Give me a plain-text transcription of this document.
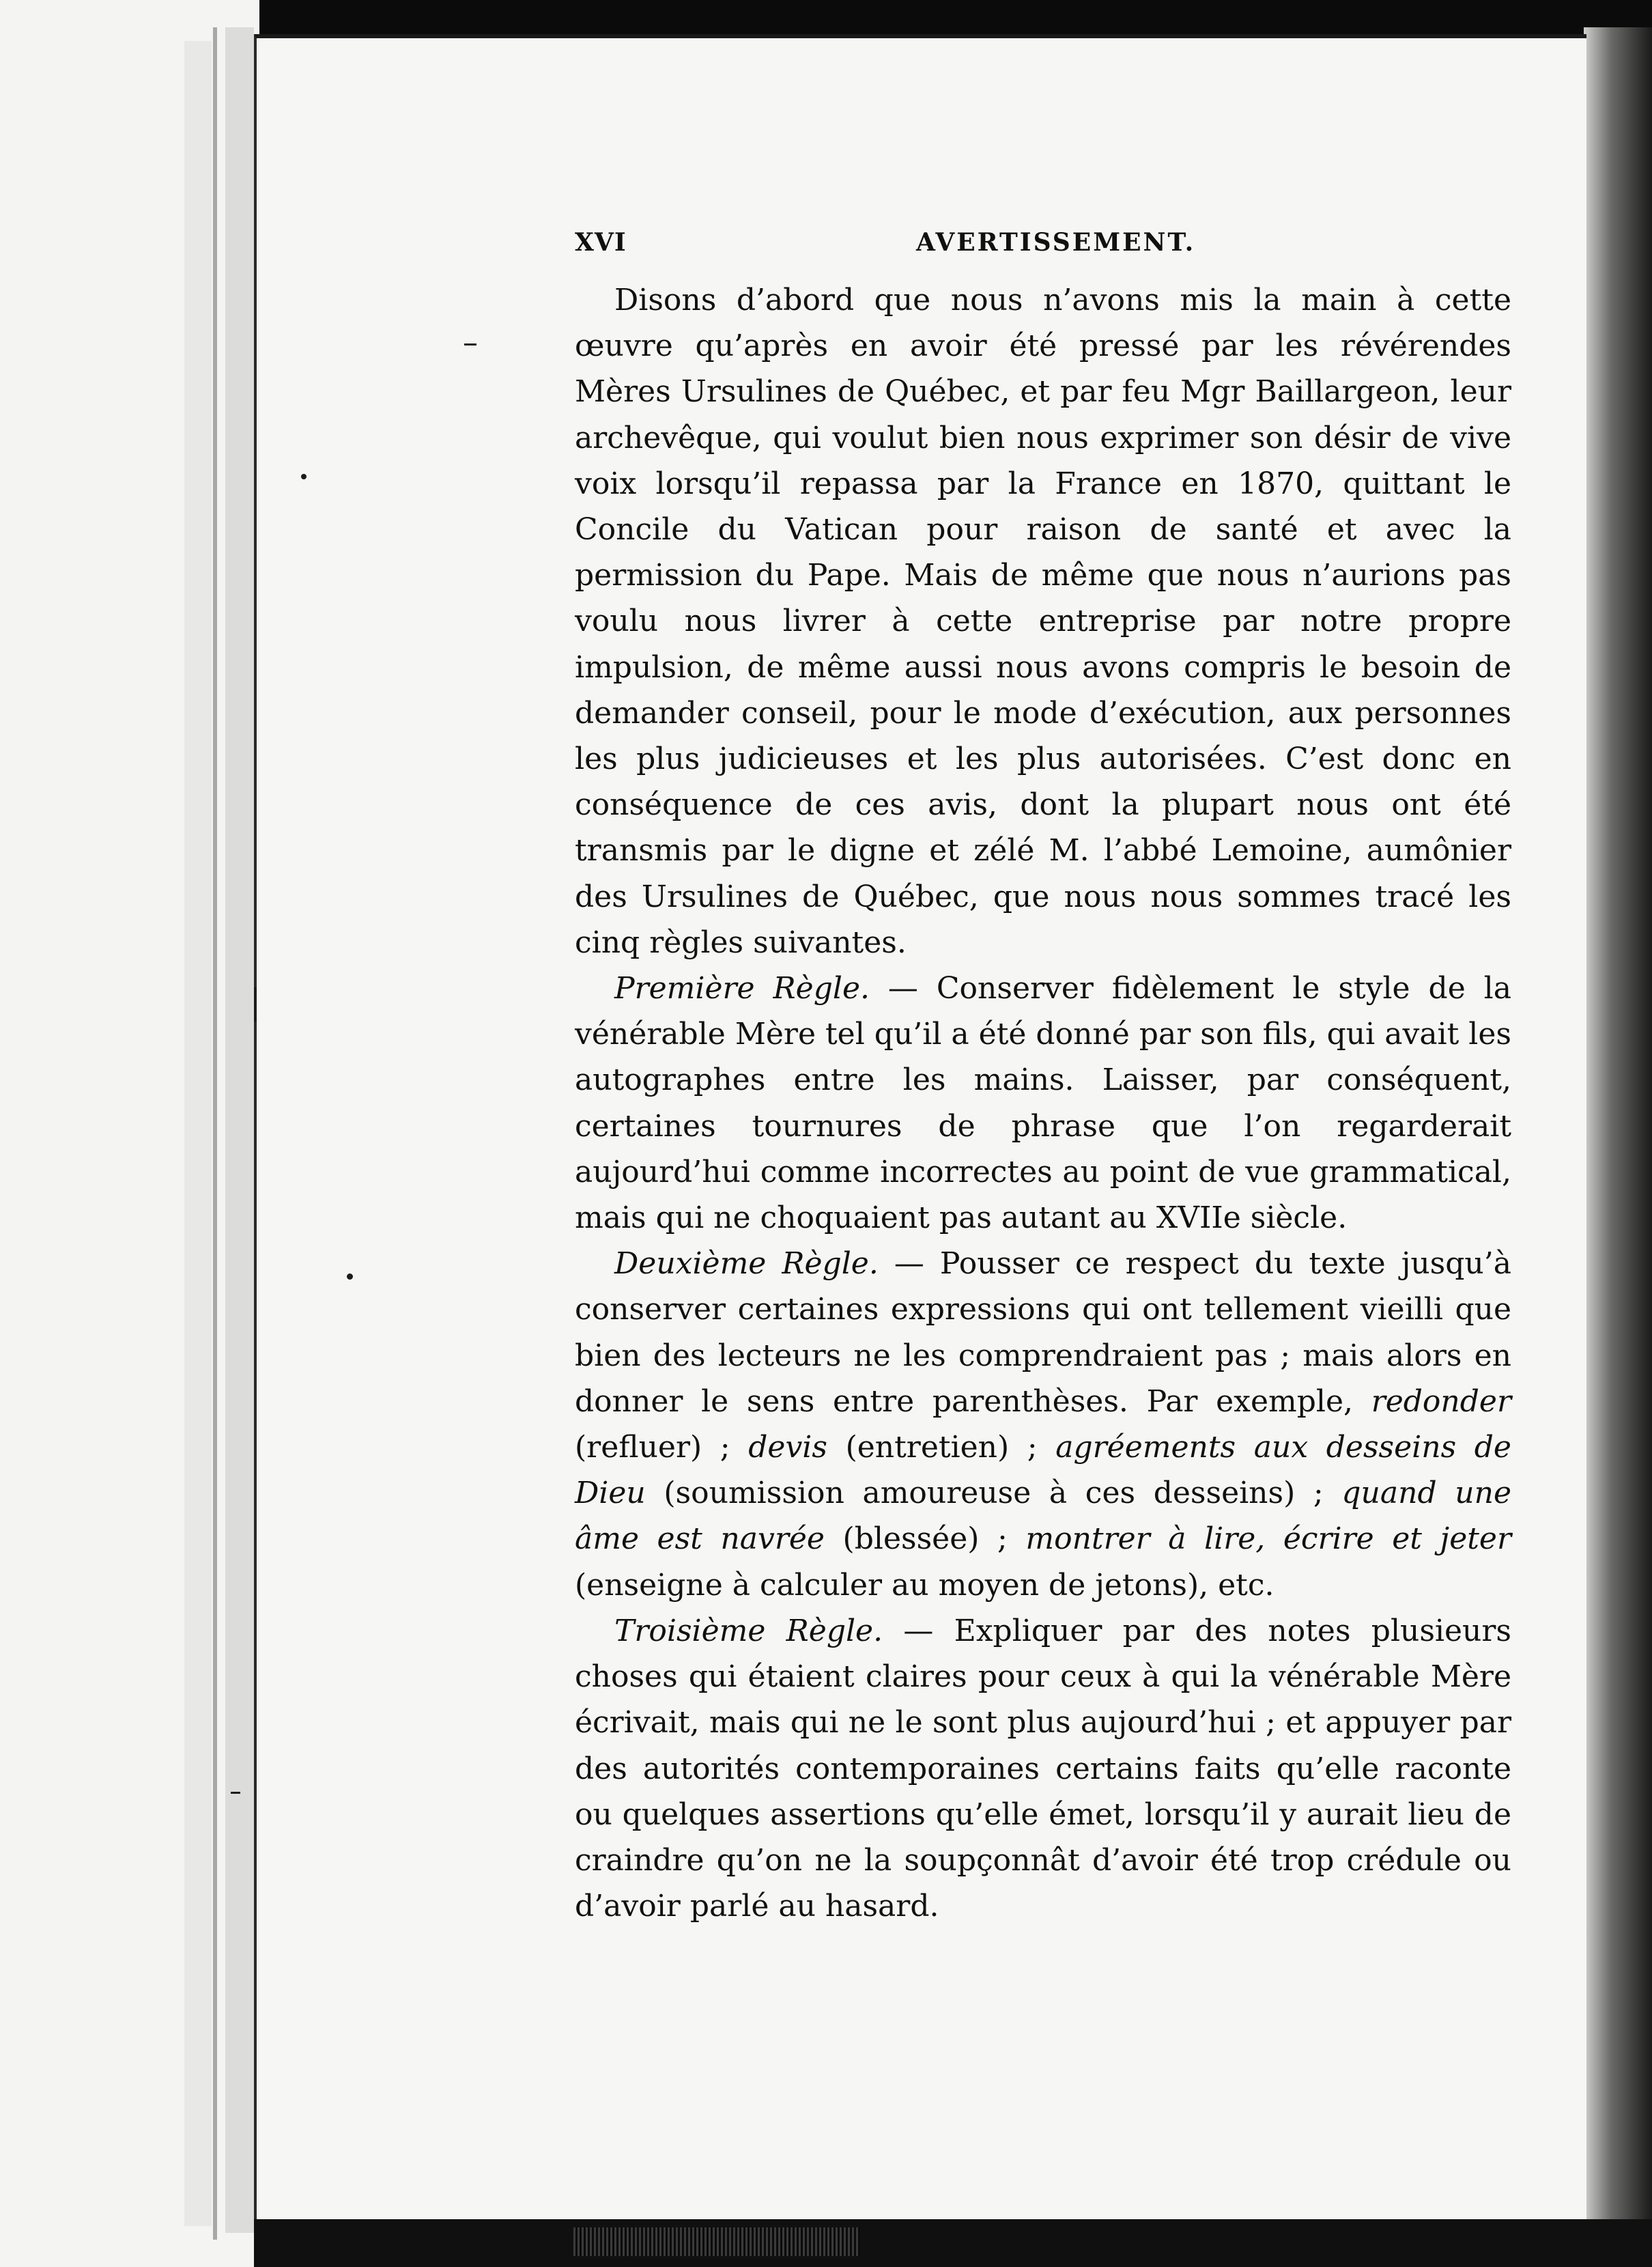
XVI	AVERTISSEMENT.

Disons d’abord que nous n’avons mis la main à cette œuvre qu’après en avoir été pressé par les révérendes Mères Ursulines de Québec, et par feu Mgr Baillargeon, leur archevêque, qui voulut bien nous exprimer son désir de vive voix lorsqu’il repassa par la France en 1870, quittant le Concile du Vatican pour raison de santé et avec la permission du Pape. Mais de même que nous n’aurions pas voulu nous livrer à cette entreprise par notre propre impulsion, de même aussi nous avons compris le besoin de demander conseil, pour le mode d’exécution, aux personnes les plus judicieuses et les plus autorisées. C’est donc en conséquence de ces avis, dont la plupart nous ont été transmis par le digne et zélé M. l’abbé Lemoine, aumônier des Ursulines de Québec, que nous nous sommes tracé les cinq règles suivantes.

Première Règle. — Conserver fidèlement le style de la vénérable Mère tel qu’il a été donné par son fils, qui avait les autographes entre les mains. Laisser, par conséquent, certaines tournures de phrase que l’on regarderait aujourd’hui comme incorrectes au point de vue grammatical, mais qui ne choquaient pas autant au XVIIe siècle.

Deuxième Règle. — Pousser ce respect du texte jusqu’à conserver certaines expressions qui ont tellement vieilli que bien des lecteurs ne les comprendraient pas ; mais alors en donner le sens entre parenthèses. Par exemple, redonder (refluer) ; devis (entretien) ; agréements aux desseins de Dieu (soumission amoureuse à ces desseins) ; quand une âme est navrée (blessée) ; montrer à lire, écrire et jeter (enseigne à calculer au moyen de jetons), etc.

Troisième Règle. — Expliquer par des notes plusieurs choses qui étaient claires pour ceux à qui la vénérable Mère écrivait, mais qui ne le sont plus aujourd’hui ; et appuyer par des autorités contemporaines certains faits qu’elle raconte ou quelques assertions qu’elle émet, lorsqu’il y aurait lieu de craindre qu’on ne la soupçonnât d’avoir été trop crédule ou d’avoir parlé au hasard.
